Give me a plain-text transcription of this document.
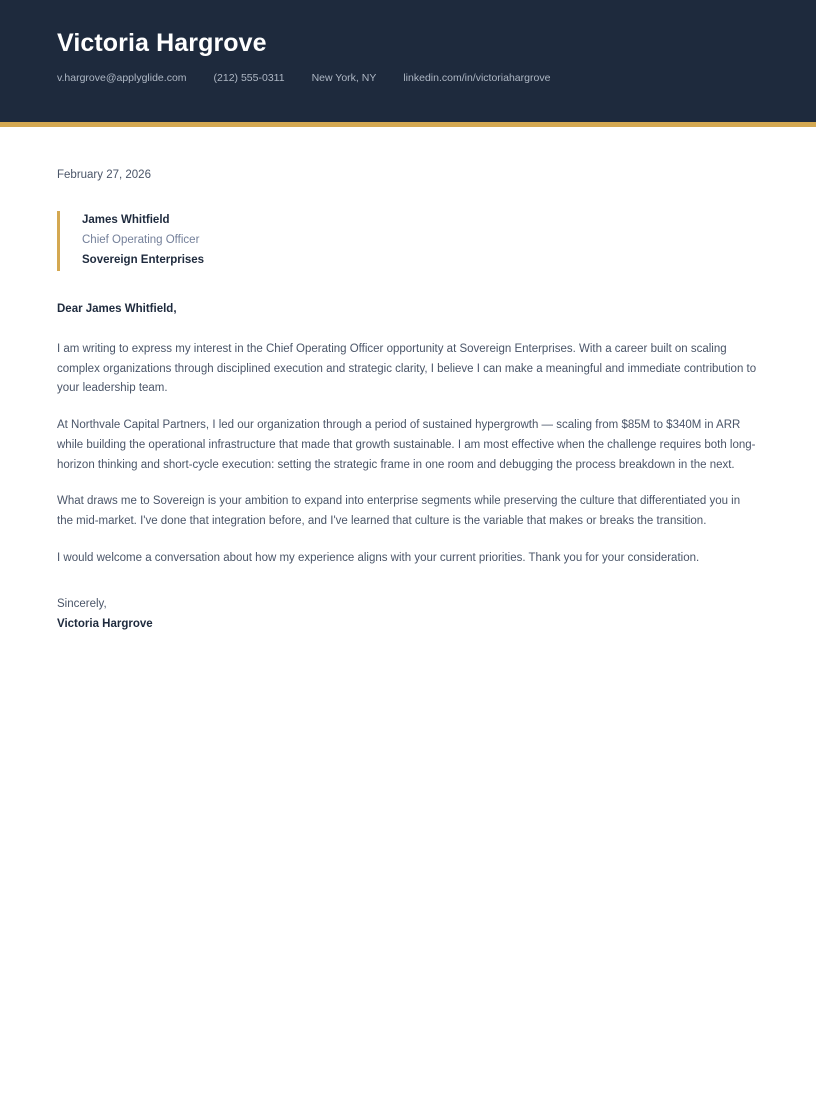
Victoria Hargrove
v.hargrove@applyglide.com	(212) 555-0311	New York, NY	linkedin.com/in/victoriahargrove
February 27, 2026
James Whitfield
Chief Operating Officer
Sovereign Enterprises
Dear James Whitfield,

I am writing to express my interest in the Chief Operating Officer opportunity at Sovereign Enterprises. With a career built on scaling complex organizations through disciplined execution and strategic clarity, I believe I can make a meaningful and immediate contribution to your leadership team.

At Northvale Capital Partners, I led our organization through a period of sustained hypergrowth — scaling from $85M to $340M in ARR while building the operational infrastructure that made that growth sustainable. I am most effective when the challenge requires both long-horizon thinking and short-cycle execution: setting the strategic frame in one room and debugging the process breakdown in the next.

What draws me to Sovereign is your ambition to expand into enterprise segments while preserving the culture that differentiated you in the mid-market. I've done that integration before, and I've learned that culture is the variable that makes or breaks the transition.

I would welcome a conversation about how my experience aligns with your current priorities. Thank you for your consideration.

Sincerely,
Victoria Hargrove
